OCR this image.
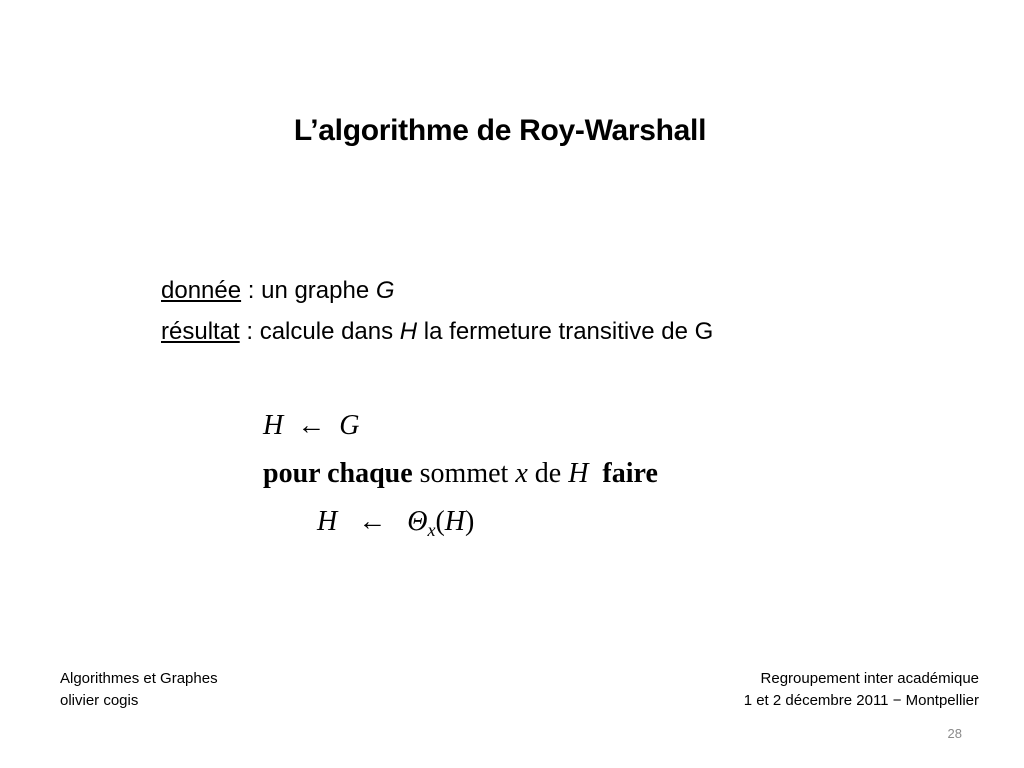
L’algorithme de Roy-Warshall
donnée : un graphe G
résultat : calcule dans H la fermeture transitive de G
H ← G
pour chaque sommet x de H faire
H ← $\Theta_x(H)$
Algorithmes et Graphes
olivier cogis
Regroupement inter académique
1 et 2 décembre 2011 − Montpellier
28
